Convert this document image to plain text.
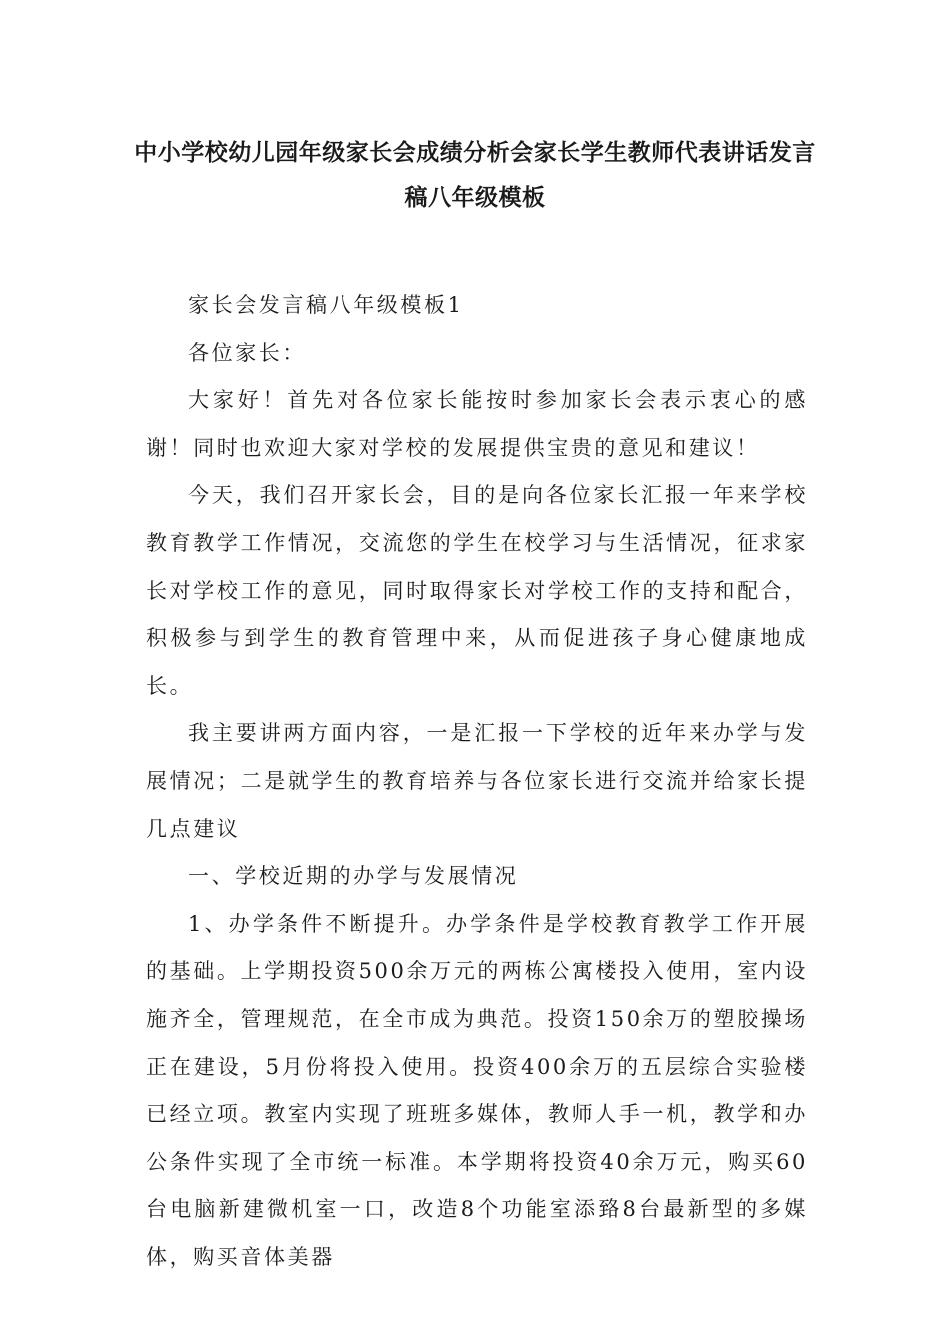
中小学校幼儿园年级家长会成绩分析会家长学生教师代表讲话发言稿八年级模板

家长会发言稿八年级模板1

各位家长：

大家好！首先对各位家长能按时参加家长会表示衷心的感谢！同时也欢迎大家对学校的发展提供宝贵的意见和建议！

今天，我们召开家长会，目的是向各位家长汇报一年来学校教育教学工作情况，交流您的学生在校学习与生活情况，征求家长对学校工作的意见，同时取得家长对学校工作的支持和配合，积极参与到学生的教育管理中来，从而促进孩子身心健康地成长。

我主要讲两方面内容，一是汇报一下学校的近年来办学与发展情况；二是就学生的教育培养与各位家长进行交流并给家长提几点建议

一、学校近期的办学与发展情况

1、办学条件不断提升。办学条件是学校教育教学工作开展的基础。上学期投资500余万元的两栋公寓楼投入使用，室内设施齐全，管理规范，在全市成为典范。投资150余万的塑胶操场正在建设，5月份将投入使用。投资400余万的五层综合实验楼已经立项。教室内实现了班班多媒体，教师人手一机，教学和办公条件实现了全市统一标准。本学期将投资40余万元，购买60台电脑新建微机室一口，改造8个功能室添臵8台最新型的多媒体，购买音体美器
